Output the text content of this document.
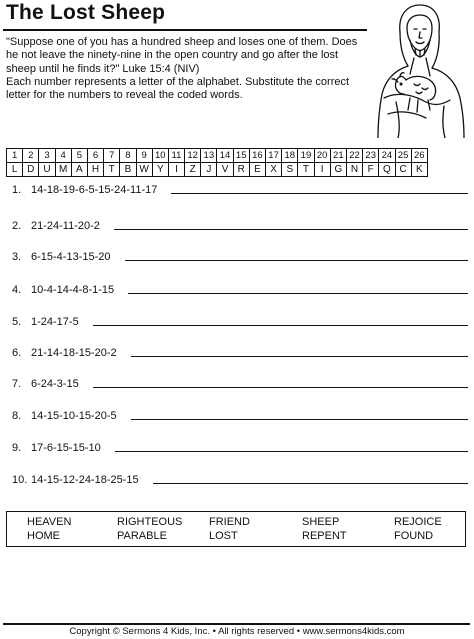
The Lost Sheep

"Suppose one of you has a hundred sheep and loses one of them. Does he not leave the ninety-nine in the open country and go after the lost sheep until he finds it?" Luke 15:4 (NIV)

Each number represents a letter of the alphabet. Substitute the correct letter for the numbers to reveal the coded words.

1	2	3	4	5	6	7	8	9	10	11	12	13	14	15	16	17	18	19	20	21	22	23	24	25	26
L	D	U	M	A	H	T	B	W	Y	I	Z	J	V	R	E	X	S	T	I	G	N	F	Q	C	K
1. 14-18-19-6-5-15-24-11-17
2. 21-24-11-20-2
3. 6-15-4-13-15-20
4. 10-4-14-4-8-1-15
5. 1-24-17-5
6. 21-14-18-15-20-2
7. 6-24-3-15
8. 14-15-10-15-20-5
9. 17-6-15-15-10
10. 14-15-12-24-18-25-15
HEAVEN
HOME
RIGHTEOUS
PARABLE
FRIEND
LOST
SHEEP
REPENT
REJOICE
FOUND
Copyright © Sermons 4 Kids, Inc. • All rights reserved • www.sermons4kids.com
